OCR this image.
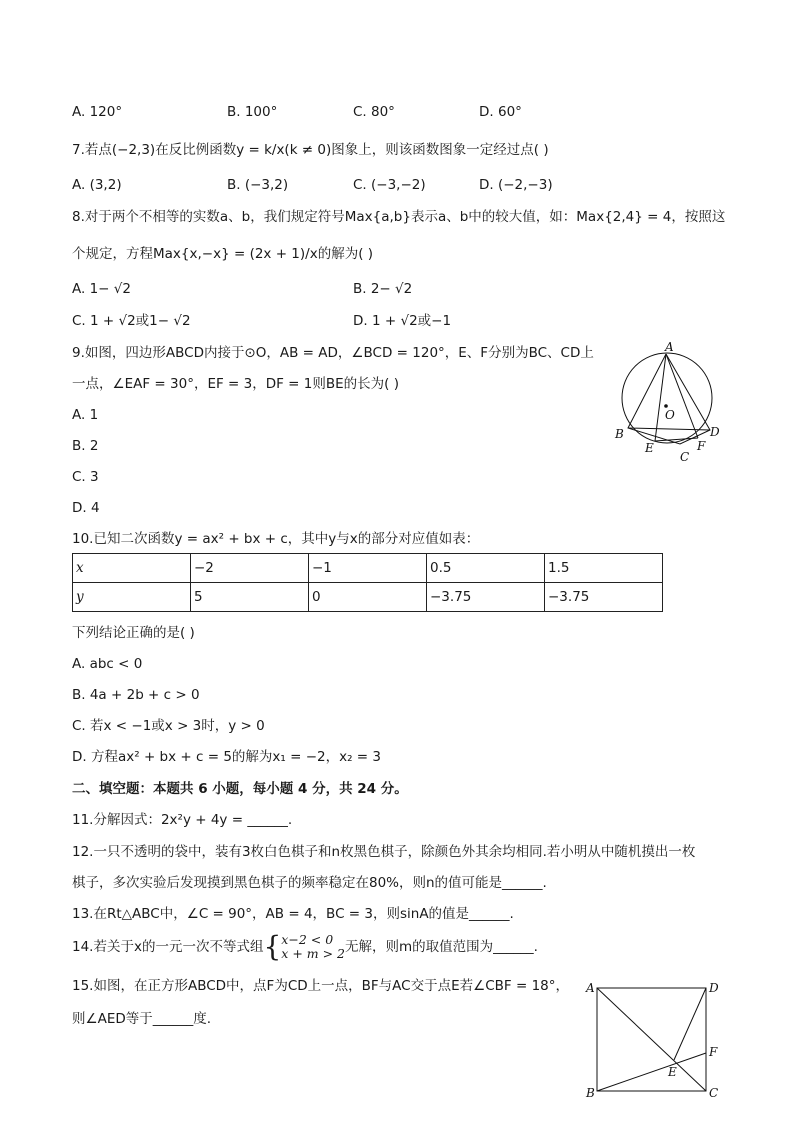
A. 120°	B. 100°	C. 80°	D. 60°
7.若点(−2,3)在反比例函数y = k/x(k ≠ 0)图象上，则该函数图象一定经过点( )
A. (3,2)	B. (−3,2)	C. (−3,−2)	D. (−2,−3)
8.对于两个不相等的实数a、b，我们规定符号Max{a,b}表示a、b中的较大值，如：Max{2,4} = 4，按照这
个规定，方程Max{x,−x} = (2x + 1)/x的解为( )
A. 1− √2	B. 2− √2
C. 1 + √2或1− √2	D. 1 + √2或−1
9.如图，四边形ABCD内接于⊙O，AB = AD，∠BCD = 120°，E、F分别为BC、CD上
一点，∠EAF = 30°，EF = 3，DF = 1则BE的长为( )
A. 1
B. 2
C. 3
D. 4
A
O
B	D
E	F
C
10.已知二次函数y = ax² + bx + c，其中y与x的部分对应值如表：
x	−2	−1	0.5	1.5
y	5	0	−3.75	−3.75
下列结论正确的是( )
A. abc < 0
B. 4a + 2b + c > 0
C. 若x < −1或x > 3时，y > 0
D. 方程ax² + bx + c = 5的解为x₁ = −2，x₂ = 3
二、填空题：本题共 6 小题，每小题 4 分，共 24 分。
11.分解因式：2x²y + 4y = ______.
12.一只不透明的袋中，装有3枚白色棋子和n枚黑色棋子，除颜色外其余均相同.若小明从中随机摸出一枚
棋子，多次实验后发现摸到黑色棋子的频率稳定在80%，则n的值可能是______.
13.在Rt△ABC中，∠C = 90°，AB = 4，BC = 3，则sinA的值是______.
14.若关于x的一元一次不等式组 { x−2 < 0
x + m > 2 无解，则m的取值范围为______.
15.如图，在正方形ABCD中，点F为CD上一点，BF与AC交于点E若∠CBF = 18°，
则∠AED等于______度.
A	D
F
E
B	C
